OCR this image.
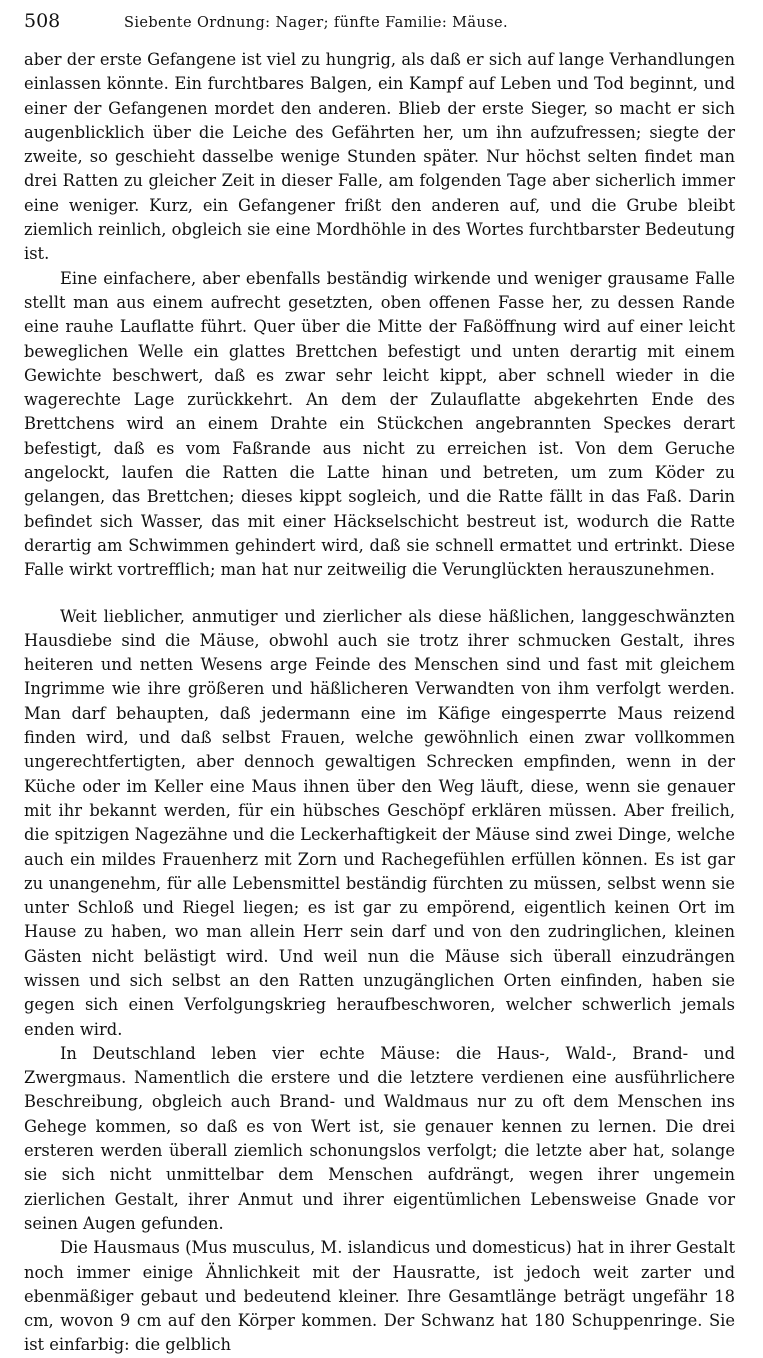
508	Siebente Ordnung: Nager; fünfte Familie: Mäuse.

aber der erste Gefangene ist viel zu hungrig, als daß er sich auf lange Verhandlungen einlassen könnte. Ein furchtbares Balgen, ein Kampf auf Leben und Tod beginnt, und einer der Gefangenen mordet den anderen. Blieb der erste Sieger, so macht er sich augenblicklich über die Leiche des Gefährten her, um ihn aufzufressen; siegte der zweite, so geschieht dasselbe wenige Stunden später. Nur höchst selten findet man drei Ratten zu gleicher Zeit in dieser Falle, am folgenden Tage aber sicherlich immer eine weniger. Kurz, ein Gefangener frißt den anderen auf, und die Grube bleibt ziemlich reinlich, obgleich sie eine Mordhöhle in des Wortes furchtbarster Bedeutung ist.

Eine einfachere, aber ebenfalls beständig wirkende und weniger grausame Falle stellt man aus einem aufrecht gesetzten, oben offenen Fasse her, zu dessen Rande eine rauhe Lauflatte führt. Quer über die Mitte der Faßöffnung wird auf einer leicht beweglichen Welle ein glattes Brettchen befestigt und unten derartig mit einem Gewichte beschwert, daß es zwar sehr leicht kippt, aber schnell wieder in die wagerechte Lage zurückkehrt. An dem der Zulauflatte abgekehrten Ende des Brettchens wird an einem Drahte ein Stückchen angebrannten Speckes derart befestigt, daß es vom Faßrande aus nicht zu erreichen ist. Von dem Geruche angelockt, laufen die Ratten die Latte hinan und betreten, um zum Köder zu gelangen, das Brettchen; dieses kippt sogleich, und die Ratte fällt in das Faß. Darin befindet sich Wasser, das mit einer Häckselschicht bestreut ist, wodurch die Ratte derartig am Schwimmen gehindert wird, daß sie schnell ermattet und ertrinkt. Diese Falle wirkt vortrefflich; man hat nur zeitweilig die Verunglückten herauszunehmen.

Weit lieblicher, anmutiger und zierlicher als diese häßlichen, langgeschwänzten Hausdiebe sind die Mäuse, obwohl auch sie trotz ihrer schmucken Gestalt, ihres heiteren und netten Wesens arge Feinde des Menschen sind und fast mit gleichem Ingrimme wie ihre größeren und häßlicheren Verwandten von ihm verfolgt werden. Man darf behaupten, daß jedermann eine im Käfige eingesperrte Maus reizend finden wird, und daß selbst Frauen, welche gewöhnlich einen zwar vollkommen ungerechtfertigten, aber dennoch gewaltigen Schrecken empfinden, wenn in der Küche oder im Keller eine Maus ihnen über den Weg läuft, diese, wenn sie genauer mit ihr bekannt werden, für ein hübsches Geschöpf erklären müssen. Aber freilich, die spitzigen Nagezähne und die Leckerhaftigkeit der Mäuse sind zwei Dinge, welche auch ein mildes Frauenherz mit Zorn und Rachegefühlen erfüllen können. Es ist gar zu unangenehm, für alle Lebensmittel beständig fürchten zu müssen, selbst wenn sie unter Schloß und Riegel liegen; es ist gar zu empörend, eigentlich keinen Ort im Hause zu haben, wo man allein Herr sein darf und von den zudringlichen, kleinen Gästen nicht belästigt wird. Und weil nun die Mäuse sich überall einzudrängen wissen und sich selbst an den Ratten unzugänglichen Orten einfinden, haben sie gegen sich einen Verfolgungskrieg heraufbeschworen, welcher schwerlich jemals enden wird.

In Deutschland leben vier echte Mäuse: die Haus-, Wald-, Brand- und Zwergmaus. Namentlich die erstere und die letztere verdienen eine ausführlichere Beschreibung, obgleich auch Brand- und Waldmaus nur zu oft dem Menschen ins Gehege kommen, so daß es von Wert ist, sie genauer kennen zu lernen. Die drei ersteren werden überall ziemlich schonungslos verfolgt; die letzte aber hat, solange sie sich nicht unmittelbar dem Menschen aufdrängt, wegen ihrer ungemein zierlichen Gestalt, ihrer Anmut und ihrer eigentümlichen Lebensweise Gnade vor seinen Augen gefunden.

Die Hausmaus (Mus musculus, M. islandicus und domesticus) hat in ihrer Gestalt noch immer einige Ähnlichkeit mit der Hausratte, ist jedoch weit zarter und ebenmäßiger gebaut und bedeutend kleiner. Ihre Gesamtlänge beträgt ungefähr 18 cm, wovon 9 cm auf den Körper kommen. Der Schwanz hat 180 Schuppenringe. Sie ist einfarbig: die gelblich
